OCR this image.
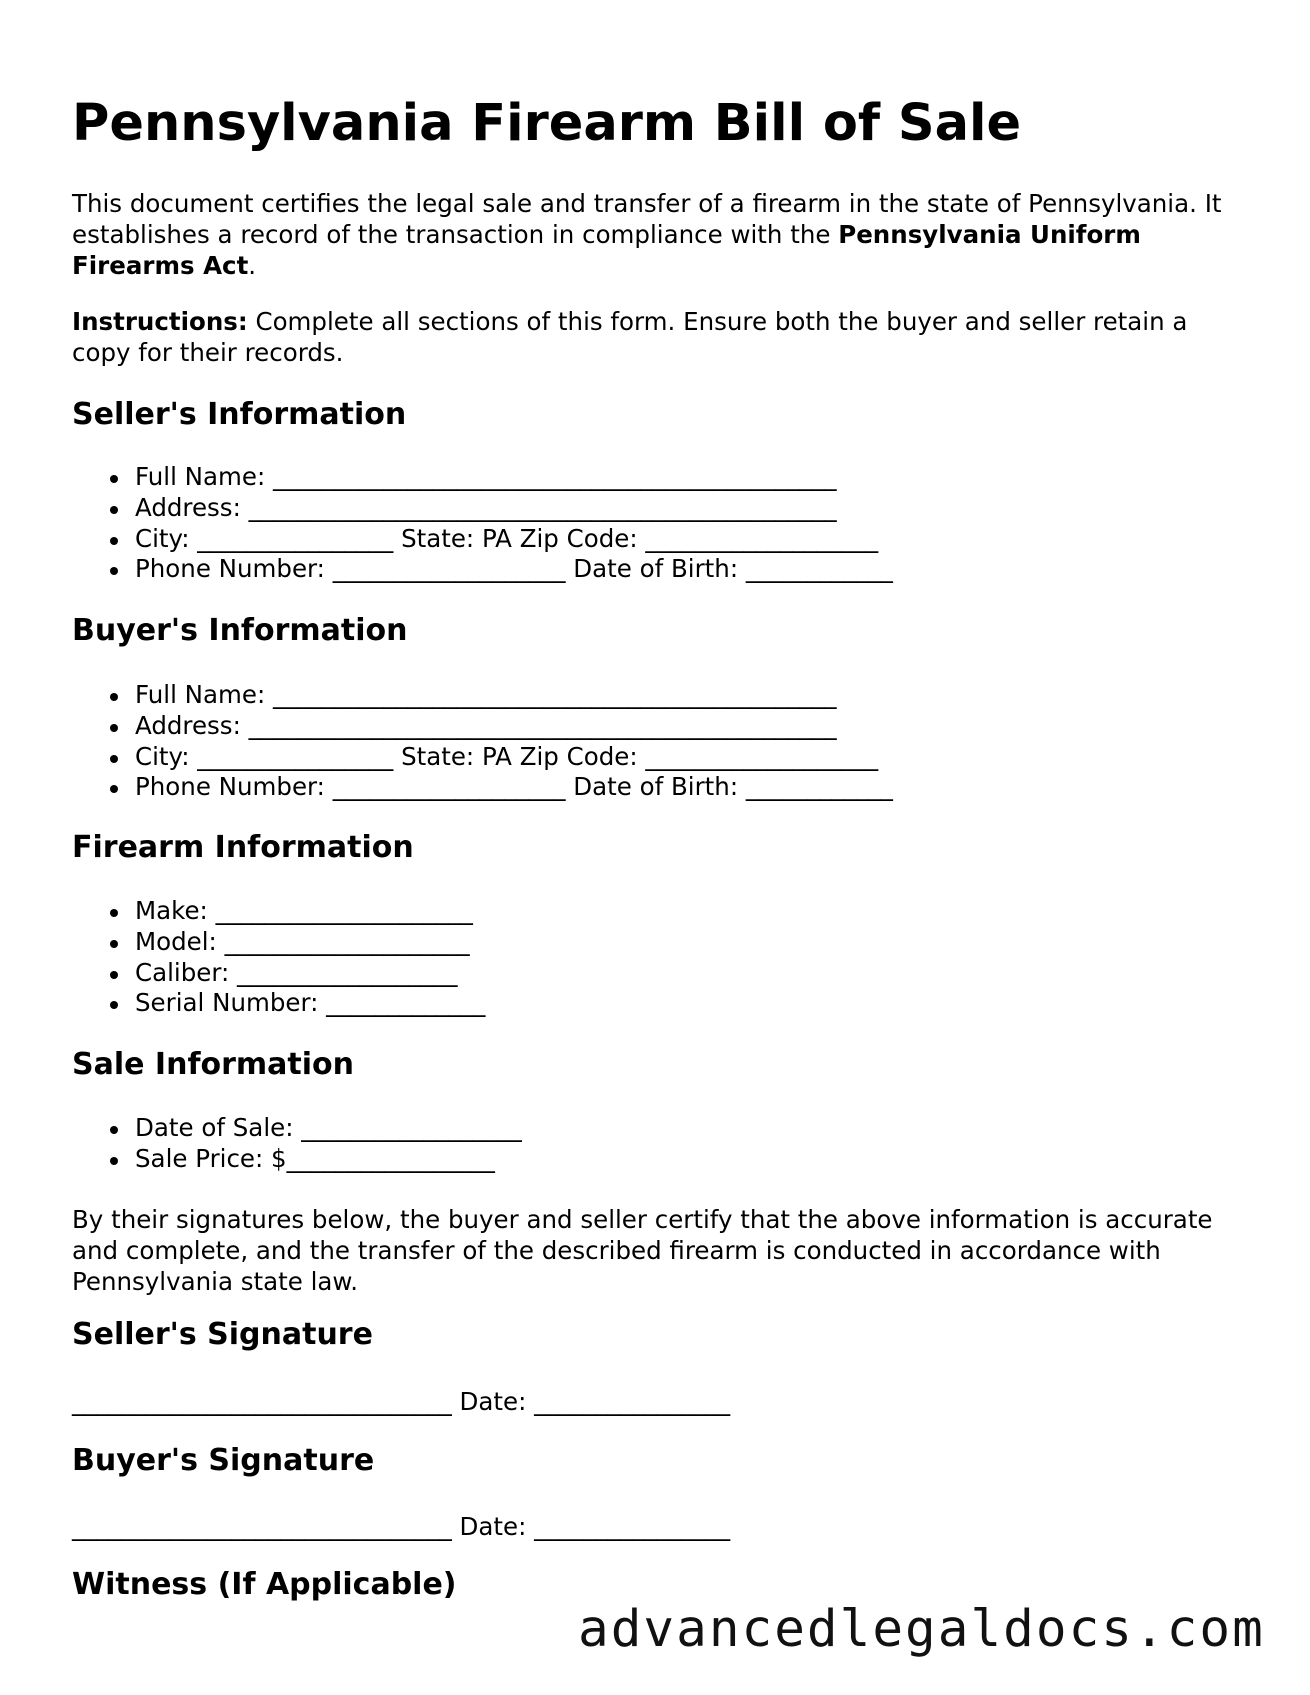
Pennsylvania Firearm Bill of Sale

This document certifies the legal sale and transfer of a firearm in the state of Pennsylvania. It establishes a record of the transaction in compliance with the Pennsylvania Uniform Firearms Act.

Instructions: Complete all sections of this form. Ensure both the buyer and seller retain a copy for their records.

Seller's Information
Full Name: ______________________________________________
Address: ________________________________________________
City: ________________ State: PA Zip Code: ___________________
Phone Number: ___________________ Date of Birth: ____________
Buyer's Information
Full Name: ______________________________________________
Address: ________________________________________________
City: ________________ State: PA Zip Code: ___________________
Phone Number: ___________________ Date of Birth: ____________
Firearm Information
Make: _____________________
Model: ____________________
Caliber: __________________
Serial Number: _____________
Sale Information
Date of Sale: __________________
Sale Price: $_________________

By their signatures below, the buyer and seller certify that the above information is accurate and complete, and the transfer of the described firearm is conducted in accordance with Pennsylvania state law.

Seller's Signature

_______________________________ Date: ________________

Buyer's Signature

_______________________________ Date: ________________

Witness (If Applicable)
advancedlegaldocs.com
